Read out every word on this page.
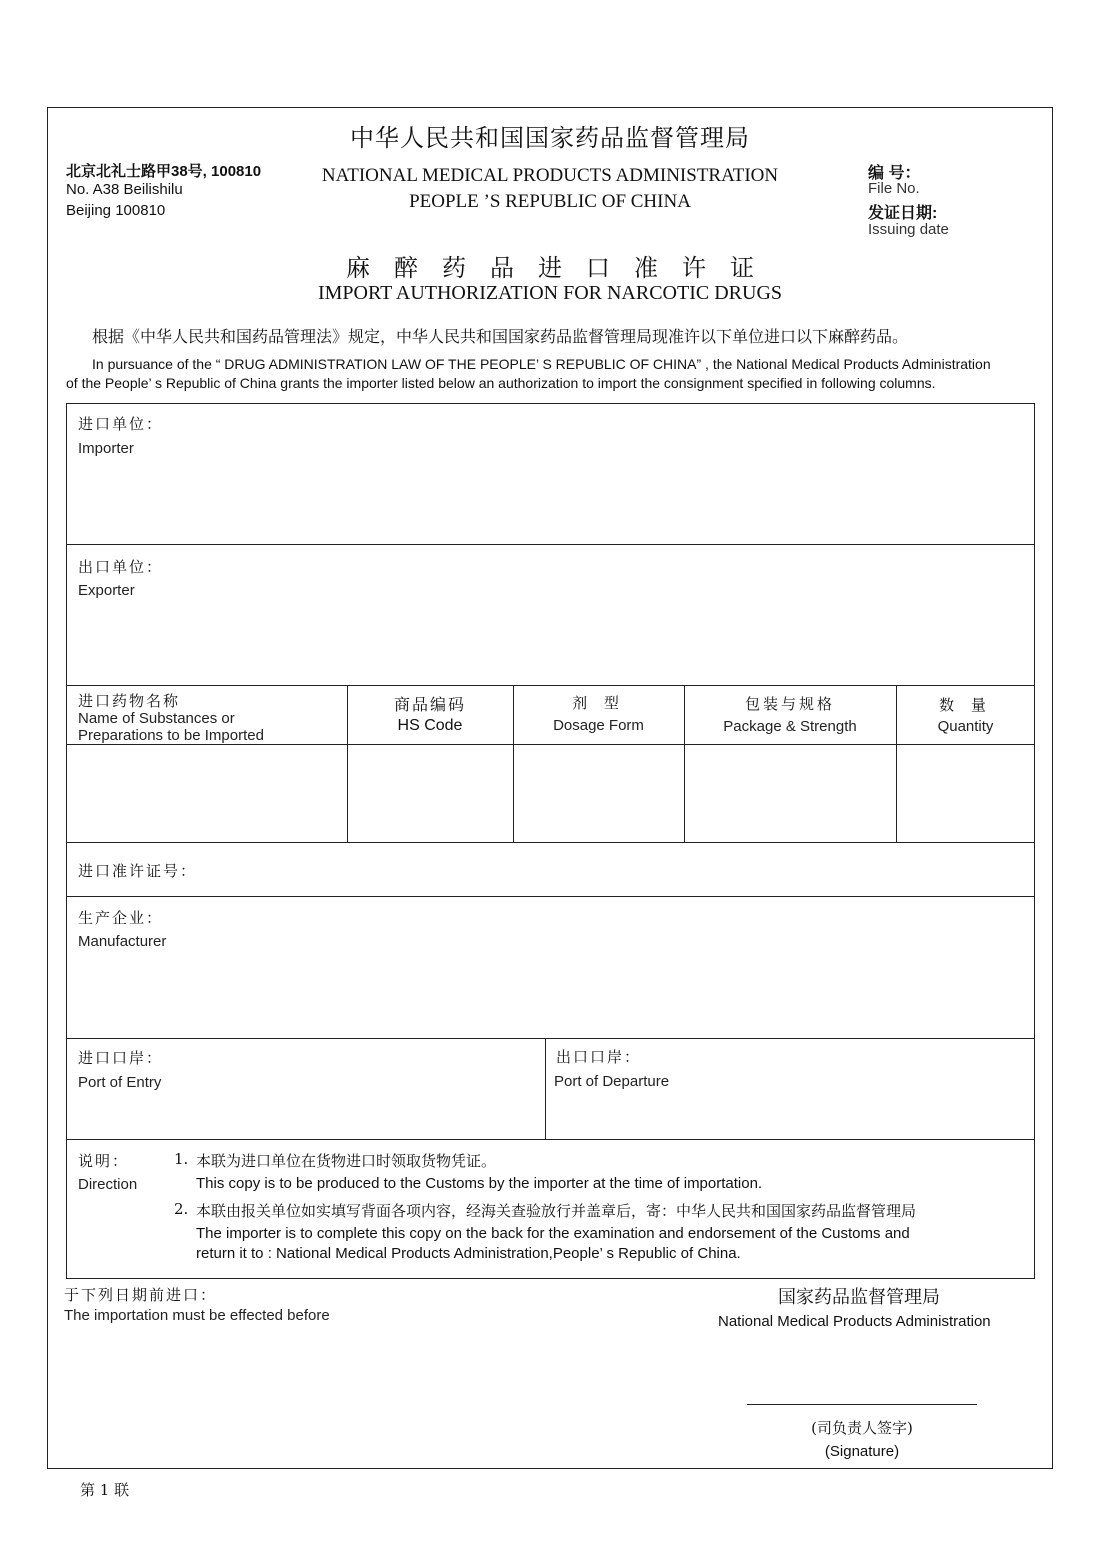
中华人民共和国国家药品监督管理局
NATIONAL MEDICAL PRODUCTS ADMINISTRATION
PEOPLE ’S REPUBLIC OF CHINA
北京北礼士路甲38号, 100810
No. A38 Beilishilu
Beijing 100810
编 号：
File No.
发证日期:
Issuing date
麻醉药品进口准许证
IMPORT AUTHORIZATION FOR NARCOTIC DRUGS
根据《中华人民共和国药品管理法》规定，中华人民共和国国家药品监督管理局现准许以下单位进口以下麻醉药品。
In pursuance of the “ DRUG ADMINISTRATION LAW OF THE PEOPLE’ S REPUBLIC OF CHINA” , the National Medical Products Administration
of the People’ s Republic of China grants the importer listed below an authorization to import the consignment specified in following columns.
进口单位：
Importer
出口单位：
Exporter
进口药物名称
Name of Substances or
Preparations to be Imported
商品编码
HS Code
剂 型
Dosage Form
包装与规格
Package & Strength
数 量
Quantity
进口准许证号：
生产企业：
Manufacturer
进口口岸：
Port of Entry
出口口岸：
Port of Departure
说明：
Direction
1. 本联为进口单位在货物进口时领取货物凭证。
This copy is to be produced to the Customs by the importer at the time of importation.
2. 本联由报关单位如实填写背面各项内容，经海关查验放行并盖章后，寄：中华人民共和国国家药品监督管理局
The importer is to complete this copy on the back for the examination and endorsement of the Customs and
return it to : National Medical Products Administration,People’ s Republic of China.
于下列日期前进口：
The importation must be effected before
国家药品监督管理局
National Medical Products Administration
(司负责人签字)
(Signature)
第 1 联
